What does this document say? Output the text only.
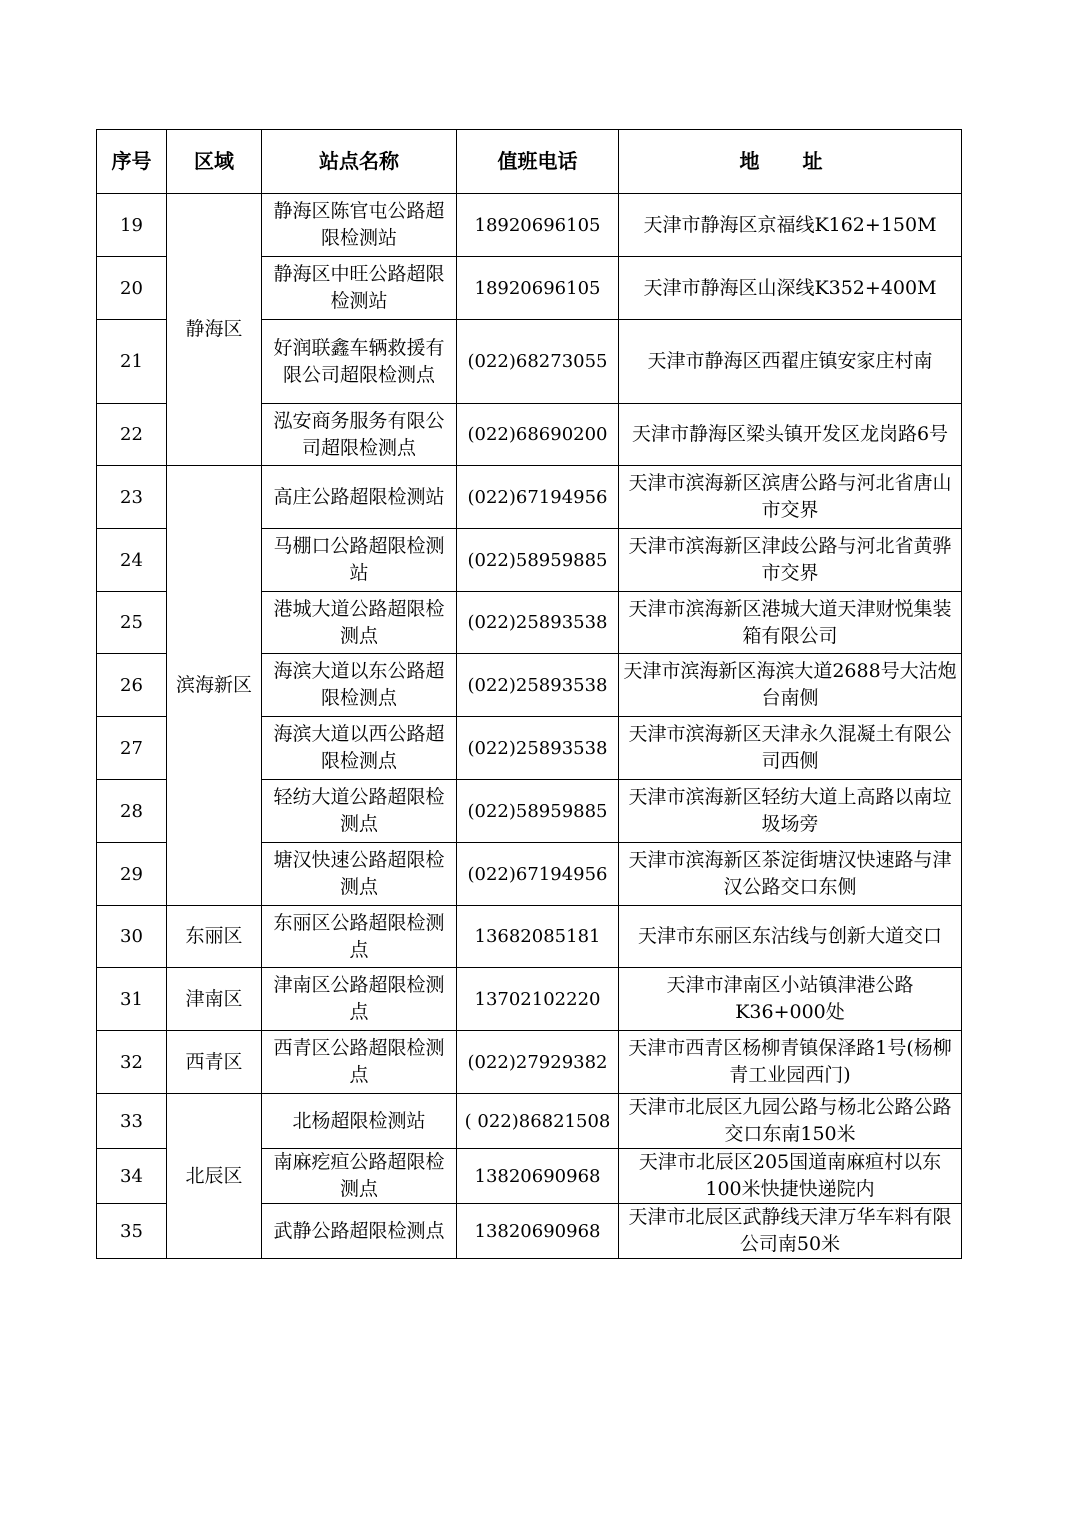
序号	区域	站点名称	值班电话	地 址
19	静海区	静海区陈官屯公路超限检测站	18920696105	天津市静海区京福线K162+150M
20		静海区中旺公路超限检测站	18920696105	天津市静海区山深线K352+400M
21		好润联鑫车辆救援有限公司超限检测点	(022)68273055	天津市静海区西翟庄镇安家庄村南
22		泓安商务服务有限公司超限检测点	(022)68690200	天津市静海区梁头镇开发区龙岗路6号
23	滨海新区	高庄公路超限检测站	(022)67194956	天津市滨海新区滨唐公路与河北省唐山市交界
24		马棚口公路超限检测站	(022)58959885	天津市滨海新区津歧公路与河北省黄骅市交界
25		港城大道公路超限检测点	(022)25893538	天津市滨海新区港城大道天津财悦集装箱有限公司
26		海滨大道以东公路超限检测点	(022)25893538	天津市滨海新区海滨大道2688号大沽炮台南侧
27		海滨大道以西公路超限检测点	(022)25893538	天津市滨海新区天津永久混凝土有限公司西侧
28		轻纺大道公路超限检测点	(022)58959885	天津市滨海新区轻纺大道上高路以南垃圾场旁
29		塘汉快速公路超限检测点	(022)67194956	天津市滨海新区茶淀街塘汉快速路与津汉公路交口东侧
30	东丽区	东丽区公路超限检测点	13682085181	天津市东丽区东沽线与创新大道交口
31	津南区	津南区公路超限检测点	13702102220	天津市津南区小站镇津港公路K36+000处
32	西青区	西青区公路超限检测点	(022)27929382	天津市西青区杨柳青镇保泽路1号(杨柳青工业园西门)
33	北辰区	北杨超限检测站	( 022)86821508	天津市北辰区九园公路与杨北公路公路交口东南150米
34		南麻疙疸公路超限检测点	13820690968	天津市北辰区205国道南麻疸村以东100米快捷快递院内
35		武静公路超限检测点	13820690968	天津市北辰区武静线天津万华车料有限公司南50米
